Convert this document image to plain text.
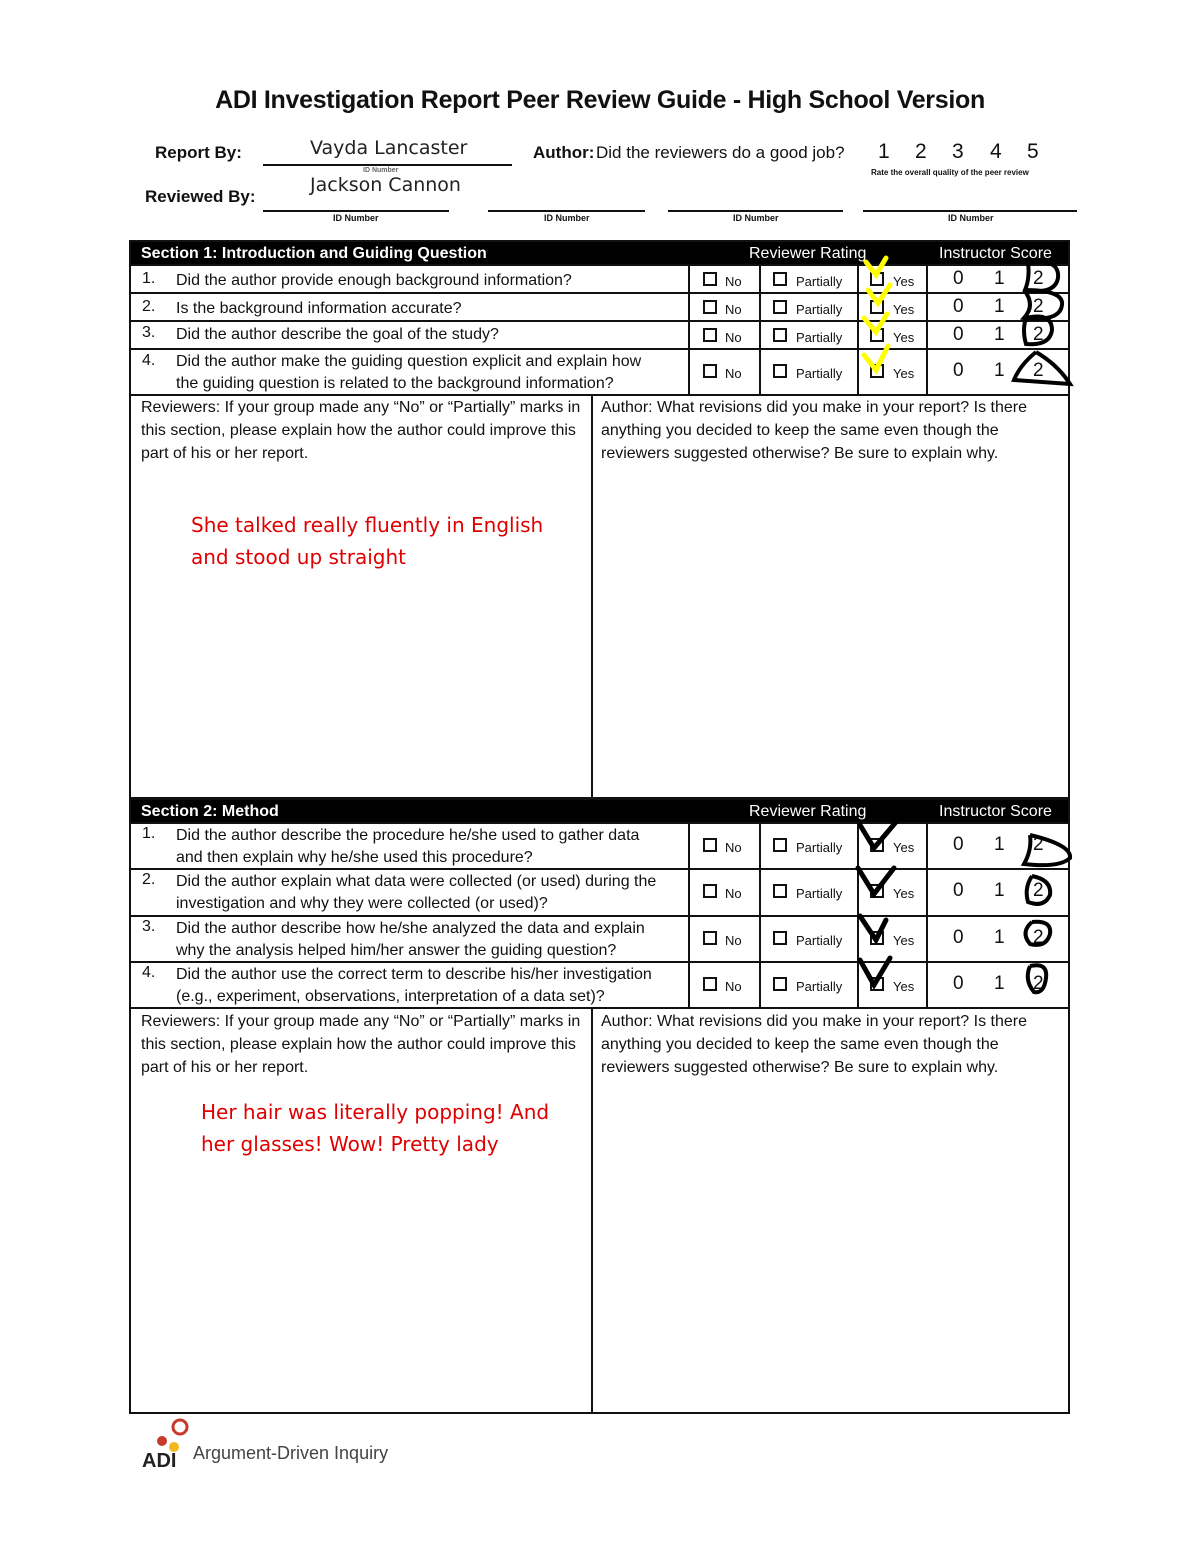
ADI Investigation Report Peer Review Guide - High School Version
Report By:	Vayda Lancaster
ID Number
Reviewed By:
Jackson Cannon
ID Number	ID Number	ID Number	ID Number
Author: Did the reviewers do a good job? 1 2 3 4 5
Rate the overall quality of the peer review
Section 1: Introduction and Guiding Question	Reviewer Rating	Instructor Score
1. Did the author provide enough background information?	No	Partially	Yes 0 1 2
2. Is the background information accurate?	No	Partially	Yes 0 1 2
3. Did the author describe the goal of the study?	No	Partially	Yes 0 1 2
4. Did the author make the guiding question explicit and explain how the guiding question is related to the background information?
No	Partially	Yes 0 1 2
Reviewers: If your group made any “No” or “Partially” marks in this section, please explain how the author could improve this part of his or her report.
Author: What revisions did you make in your report? Is there anything you decided to keep the same even though the reviewers suggested otherwise? Be sure to explain why.
She talked really fluently in English and stood up straight
Section 2: Method	Reviewer Rating	Instructor Score
1. Did the author describe the procedure he/she used to gather data and then explain why he/she used this procedure?
No	Partially	Yes 0 1 2
2. Did the author explain what data were collected (or used) during the investigation and why they were collected (or used)?
No	Partially	Yes 0 1 2
3. Did the author describe how he/she analyzed the data and explain why the analysis helped him/her answer the guiding question?
No	Partially	Yes 0 1 2
4. Did the author use the correct term to describe his/her investigation (e.g., experiment, observations, interpretation of a data set)?
No	Partially	Yes 0 1 2
Reviewers: If your group made any “No” or “Partially” marks in this section, please explain how the author could improve this part of his or her report.
Author: What revisions did you make in your report? Is there anything you decided to keep the same even though the reviewers suggested otherwise? Be sure to explain why.
Her hair was literally popping! And her glasses! Wow! Pretty lady
ADI Argument-Driven Inquiry
